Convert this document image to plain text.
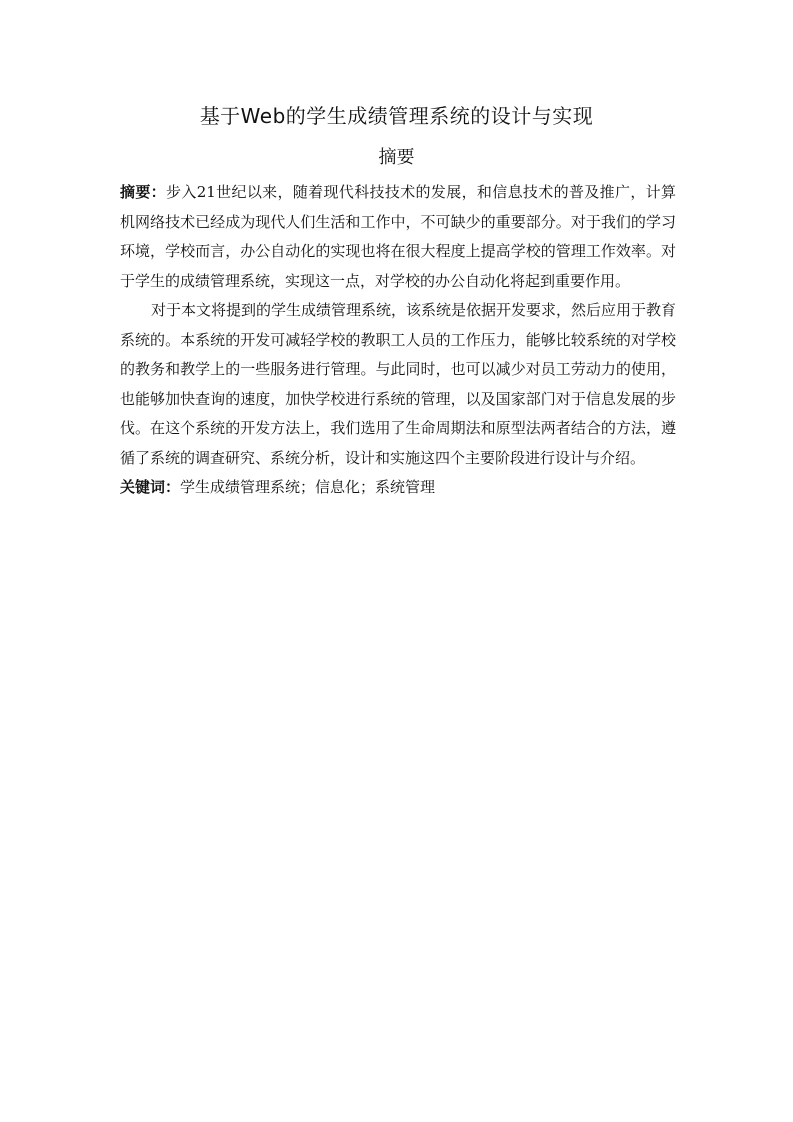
基于Web的学生成绩管理系统的设计与实现
摘要

摘要：步入21世纪以来，随着现代科技技术的发展，和信息技术的普及推广，计算机网络技术已经成为现代人们生活和工作中，不可缺少的重要部分。对于我们的学习环境，学校而言，办公自动化的实现也将在很大程度上提高学校的管理工作效率。对于学生的成绩管理系统，实现这一点，对学校的办公自动化将起到重要作用。

对于本文将提到的学生成绩管理系统，该系统是依据开发要求，然后应用于教育系统的。本系统的开发可减轻学校的教职工人员的工作压力，能够比较系统的对学校的教务和教学上的一些服务进行管理。与此同时，也可以减少对员工劳动力的使用，也能够加快查询的速度，加快学校进行系统的管理，以及国家部门对于信息发展的步伐。在这个系统的开发方法上，我们选用了生命周期法和原型法两者结合的方法，遵循了系统的调查研究、系统分析，设计和实施这四个主要阶段进行设计与介绍。

关键词：学生成绩管理系统；信息化；系统管理
